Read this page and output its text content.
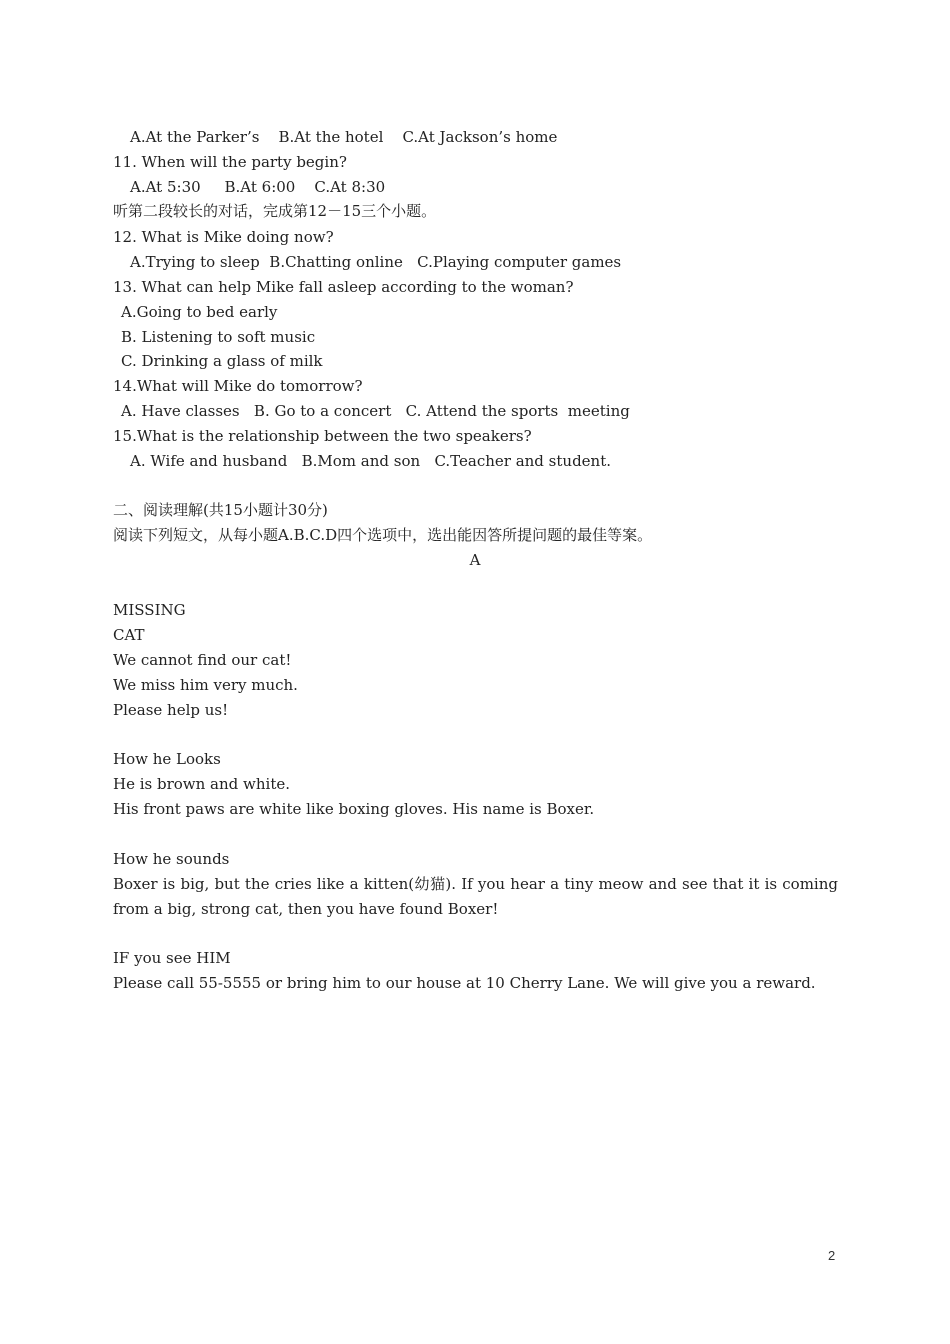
A.At the Parker’s    B.At the hotel    C.At Jackson’s home
11. When will the party begin?
A.At 5:30     B.At 6:00    C.At 8:30
听第二段较长的对话，完成第12－15三个小题。
12. What is Mike doing now?
A.Trying to sleep  B.Chatting online   C.Playing computer games
13. What can help Mike fall asleep according to the woman?
A.Going to bed early
B. Listening to soft music
C. Drinking a glass of milk
14.What will Mike do tomorrow?
A. Have classes   B. Go to a concert   C. Attend the sports  meeting
15.What is the relationship between the two speakers?
A. Wife and husband   B.Mom and son   C.Teacher and student.
二、阅读理解(共15小题计30分)
阅读下列短文，从每小题A.B.C.D四个选项中，选出能因答所提问题的最佳等案。
A
MISSING
CAT
We cannot find our cat!
We miss him very much.
Please help us!
How he Looks
He is brown and white.
His front paws are white like boxing gloves. His name is Boxer.
How he sounds
Boxer is big, but the cries like a kitten(幼猫). If you hear a tiny meow and see that it is coming from a big, strong cat, then you have found Boxer!
IF you see HIM
Please call 55-5555 or bring him to our house at 10 Cherry Lane. We will give you a reward.
2
